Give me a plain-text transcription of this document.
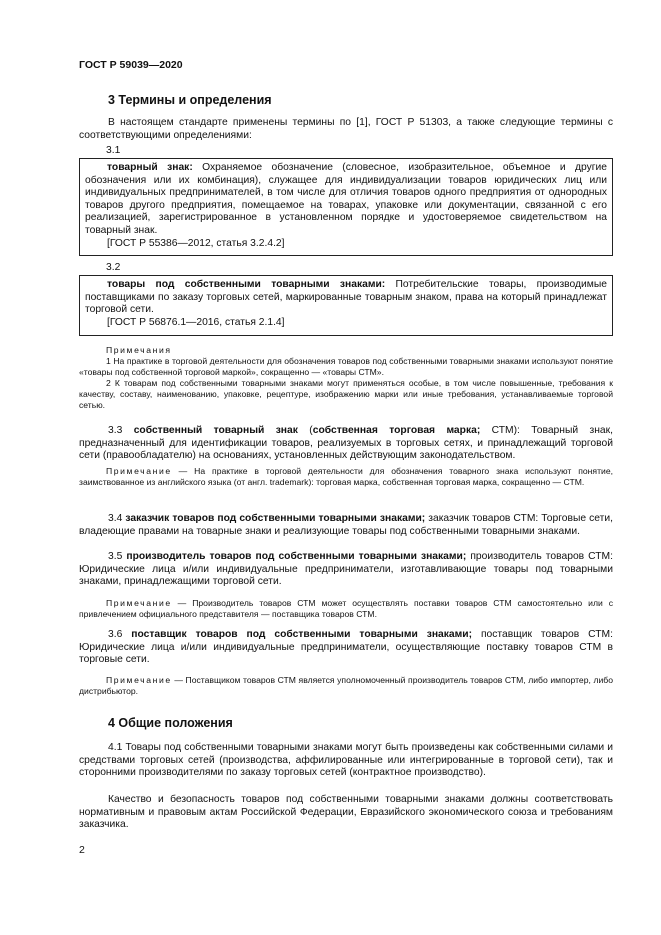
ГОСТ Р 59039—2020
3 Термины и определения
В настоящем стандарте применены термины по [1], ГОСТ Р 51303, а также следующие термины с соответствующими определениями:
3.1
товарный знак: Охраняемое обозначение (словесное, изобразительное, объемное и другие обозначения или их комбинация), служащее для индивидуализации товаров юридических лиц или индивидуальных предпринимателей, в том числе для отличия товаров одного предприятия от однородных товаров другого предприятия, помещаемое на товарах, упаковке или документации, связанной с его реализацией, зарегистрированное в установленном порядке и удостоверяемое свидетельством на товарный знак.
[ГОСТ Р 55386—2012, статья 3.2.4.2]
3.2
товары под собственными товарными знаками: Потребительские товары, производимые поставщиками по заказу торговых сетей, маркированные товарным знаком, права на который принадлежат торговой сети.
[ГОСТ Р 56876.1—2016, статья 2.1.4]
Примечания
1 На практике в торговой деятельности для обозначения товаров под собственными товарными знаками используют понятие «товары под собственной торговой маркой», сокращенно — «товары СТМ».
2 К товарам под собственными товарными знаками могут применяться особые, в том числе повышенные, требования к качеству, составу, наименованию, упаковке, рецептуре, изображению марки или иные требования, устанавливаемые торговой сетью.
3.3 собственный товарный знак (собственная торговая марка; СТМ): Товарный знак, предназначенный для идентификации товаров, реализуемых в торговых сетях, и принадлежащий торговой сети (правообладателю) на основаниях, установленных действующим законодательством.
Примечание — На практике в торговой деятельности для обозначения товарного знака используют понятие, заимствованное из английского языка (от англ. trademark): торговая марка, собственная торговая марка, сокращенно — СТМ.
3.4 заказчик товаров под собственными товарными знаками; заказчик товаров СТМ: Торговые сети, владеющие правами на товарные знаки и реализующие товары под собственными товарными знаками.
3.5 производитель товаров под собственными товарными знаками; производитель товаров СТМ: Юридические лица и/или индивидуальные предприниматели, изготавливающие товары под товарными знаками, принадлежащими торговой сети.
Примечание — Производитель товаров СТМ может осуществлять поставки товаров СТМ самостоятельно или с привлечением официального представителя — поставщика товаров СТМ.
3.6 поставщик товаров под собственными товарными знаками; поставщик товаров СТМ: Юридические лица и/или индивидуальные предприниматели, осуществляющие поставку товаров СТМ в торговые сети.
Примечание — Поставщиком товаров СТМ является уполномоченный производитель товаров СТМ, либо импортер, либо дистрибьютор.
4 Общие положения
4.1 Товары под собственными товарными знаками могут быть произведены как собственными силами и средствами торговых сетей (производства, аффилированные или интегрированные в торговой сети), так и сторонними производителями по заказу торговых сетей (контрактное производство).
Качество и безопасность товаров под собственными товарными знаками должны соответствовать нормативным и правовым актам Российской Федерации, Евразийского экономического союза и требованиям заказчика.
2
